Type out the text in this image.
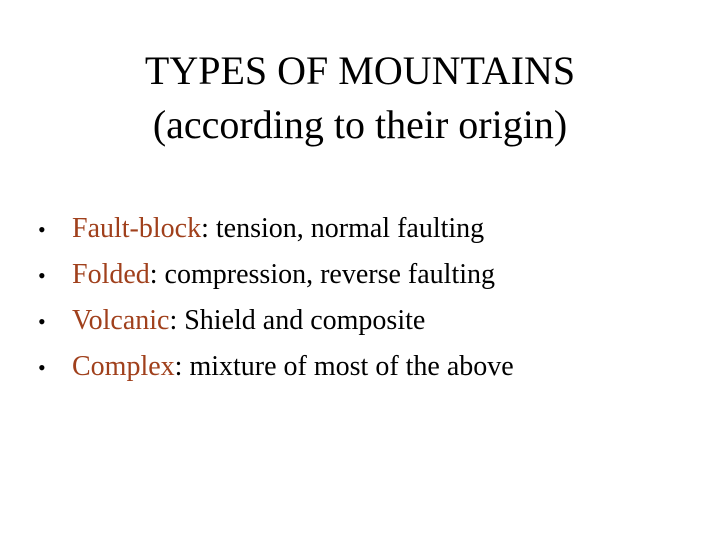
TYPES OF MOUNTAINS
(according to their origin)
• Fault-block: tension, normal faulting
• Folded: compression, reverse faulting
• Volcanic: Shield and composite
• Complex: mixture of most of the above
